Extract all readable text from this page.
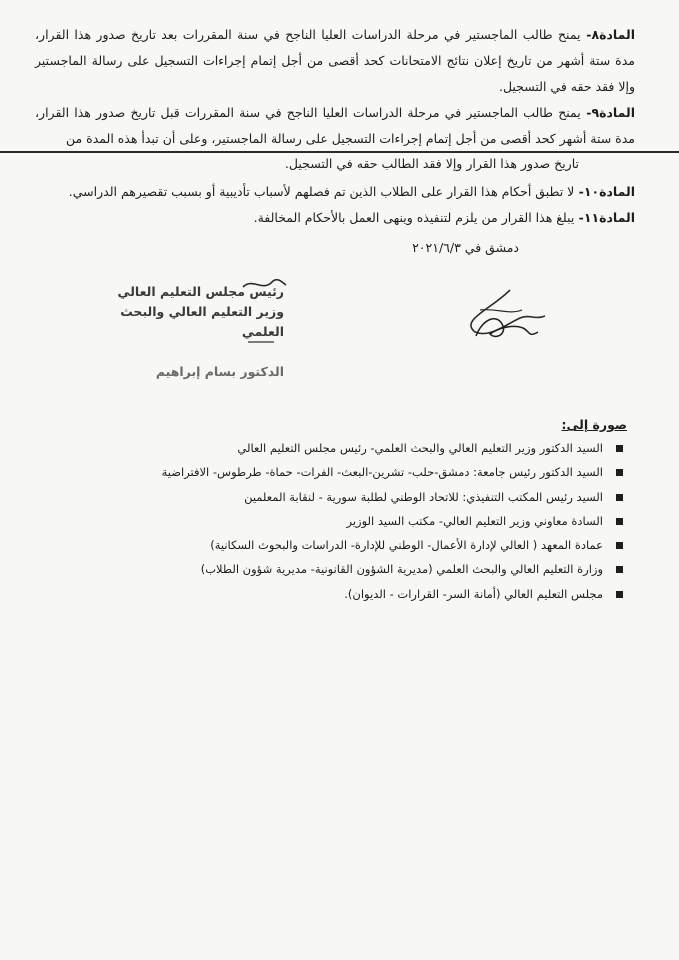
المادة٨- يمنح طالب الماجستير في مرحلة الدراسات العليا الناجح في سنة المقررات بعد تاريخ صدور هذا القرار، مدة ستة أشهر من تاريخ إعلان نتائج الامتحانات كحد أقصى من أجل إتمام إجراءات التسجيل على رسالة الماجستير وإلا فقد حقه في التسجيل.
المادة٩- يمنح طالب الماجستير في مرحلة الدراسات العليا الناجح في سنة المقررات قبل تاريخ صدور هذا القرار، مدة ستة أشهر كحد أقصى من أجل إتمام إجراءات التسجيل على رسالة الماجستير، وعلى أن تبدأ هذه المدة من
تاريخ صدور هذا القرار وإلا فقد الطالب حقه في التسجيل.
المادة١٠- لا تطبق أحكام هذا القرار على الطلاب الذين تم فصلهم لأسباب تأديبية أو بسبب تقصيرهم الدراسي.
المادة١١- يبلغ هذا القرار من يلزم لتنفيذه وينهى العمل بالأحكام المخالفة.
دمشق في ٢٠٢١/٦/٣
رئيس مجلس التعليم العالي
وزير التعليم العالي والبحث العلمي
الدكتور بسام إبراهيم
صورة إلى:
السيد الدكتور وزير التعليم العالي والبحث العلمي- رئيس مجلس التعليم العالي
السيد الدكتور رئيس جامعة: دمشق-حلب- تشرين-البعث- الفرات- حماة- طرطوس- الافتراضية
السيد رئيس المكتب التنفيذي: للاتحاد الوطني لطلبة سورية - لنقابة المعلمين
السادة معاوني وزير التعليم العالي- مكتب السيد الوزير
عمادة المعهد ( العالي لإدارة الأعمال- الوطني للإدارة- الدراسات والبحوث السكانية)
وزارة التعليم العالي والبحث العلمي (مديرية الشؤون القانونية- مديرية شؤون الطلاب)
مجلس التعليم العالي (أمانة السر- القرارات - الديوان).
